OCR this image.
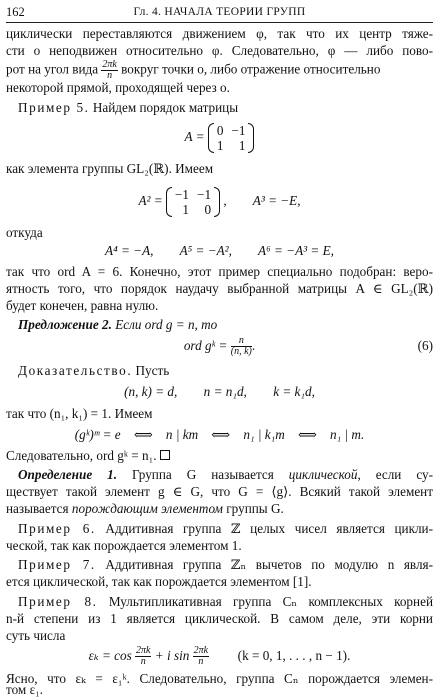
162	Гл. 4. НАЧАЛА ТЕОРИИ ГРУПП
циклически переставляются движением φ, так что их центр тяже-
сти o неподвижен относительно φ. Следовательно, φ — либо пово-
рот на угол вида $\frac{2\pi k}{n}$ вокруг точки o, либо отражение относительно
некоторой прямой, проходящей через o.
Пример 5. Найдем порядок матрицы
A = 0	−1
1	1
как элемента группы GL₂(ℝ). Имеем
A² = −1	−1
1	0
,        A³ = −E,
откуда
A⁴ = −A,        A⁵ = −A²,        A⁶ = −A³ = E,
так что ord A = 6. Конечно, этот пример специально подобран: веро-
ятность того, что порядок наудачу выбранной матрицы A ∈ GL₂(ℝ)
будет конечен, равна нулю.
Предложение 2. Если ord g = n, то
ord gᵏ = $\frac{n}{(n, k)}$ .	(6)
Доказательство. Пусть
(n, k) = d,        n = n₁d,        k = k₁d,
так что (n₁, k₁) = 1. Имеем
(gᵏ)ᵐ = e    ⟺    n | km    ⟺    n₁ | k₁m    ⟺    n₁ | m.
Следовательно, ord gᵏ = n₁.
Определение 1. Группа G называется циклической, если су-
ществует такой элемент g ∈ G, что G = ⟨g⟩. Всякий такой элемент
называется порождающим элементом группы G.
Пример 6. Аддитивная группа ℤ целых чисел является цикли-
ческой, так как порождается элементом 1.
Пример 7. Аддитивная группа ℤₙ вычетов по модулю n явля-
ется циклической, так как порождается элементом [1].
Пример 8. Мультипликативная группа Cₙ комплексных корней
n-й степени из 1 является циклической. В самом деле, эти корни
суть числа
$\varepsilon_k = \cos \frac{2\pi k}{n} + i$ $\sin \frac{2\pi k}{n} (k = 0$, 1, . . . , n − 1).
Ясно, что εₖ = ε₁ᵏ. Следовательно, группа Cₙ порождается элемен-
том ε₁.
